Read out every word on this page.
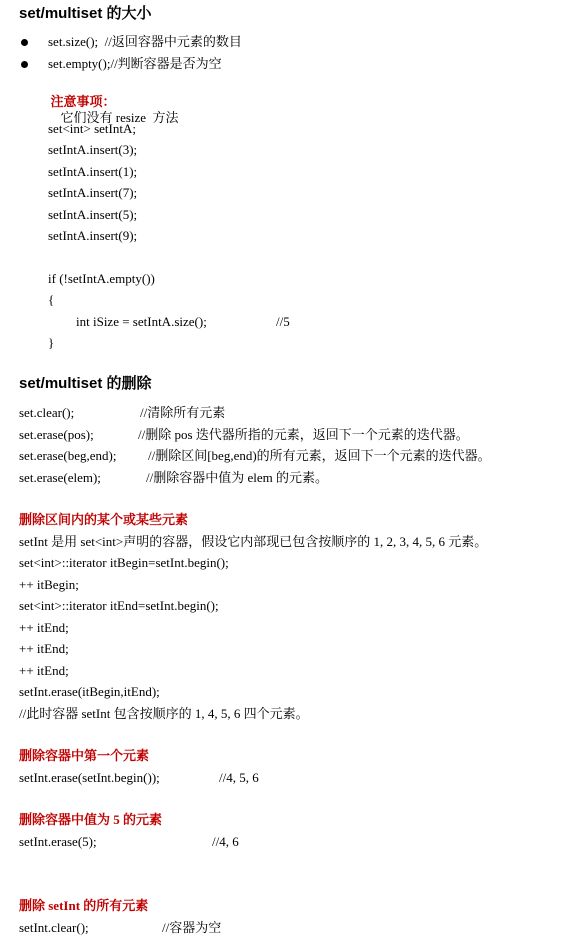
set/multiset 的大小
set.size();  //返回容器中元素的数目
set.empty();//判断容器是否为空

注意事项：
它们没有 resize  方法

set<int> setIntA;
setIntA.insert(3);
setIntA.insert(1);
setIntA.insert(7);
setIntA.insert(5);
setIntA.insert(9);
if (!setIntA.empty())
{
int iSize = setIntA.size();	//5
}
set/multiset 的删除
set.clear();	//清除所有元素
set.erase(pos);	//删除 pos 迭代器所指的元素，返回下一个元素的迭代器。
set.erase(beg,end); //删除区间[beg,end)的所有元素，返回下一个元素的迭代器。
set.erase(elem);	//删除容器中值为 elem 的元素。
删除区间内的某个或某些元素
setInt 是用 set<int>声明的容器，假设它内部现已包含按顺序的 1, 2, 3, 4, 5, 6 元素。
set<int>::iterator itBegin=setInt.begin();
++ itBegin;
set<int>::iterator itEnd=setInt.begin();
++ itEnd;
++ itEnd;
++ itEnd;
setInt.erase(itBegin,itEnd);
//此时容器 setInt 包含按顺序的 1, 4, 5, 6 四个元素。
删除容器中第一个元素
setInt.erase(setInt.begin());	//4, 5, 6
删除容器中值为 5 的元素
setInt.erase(5);	//4, 6
删除 setInt 的所有元素
setInt.clear();	//容器为空
